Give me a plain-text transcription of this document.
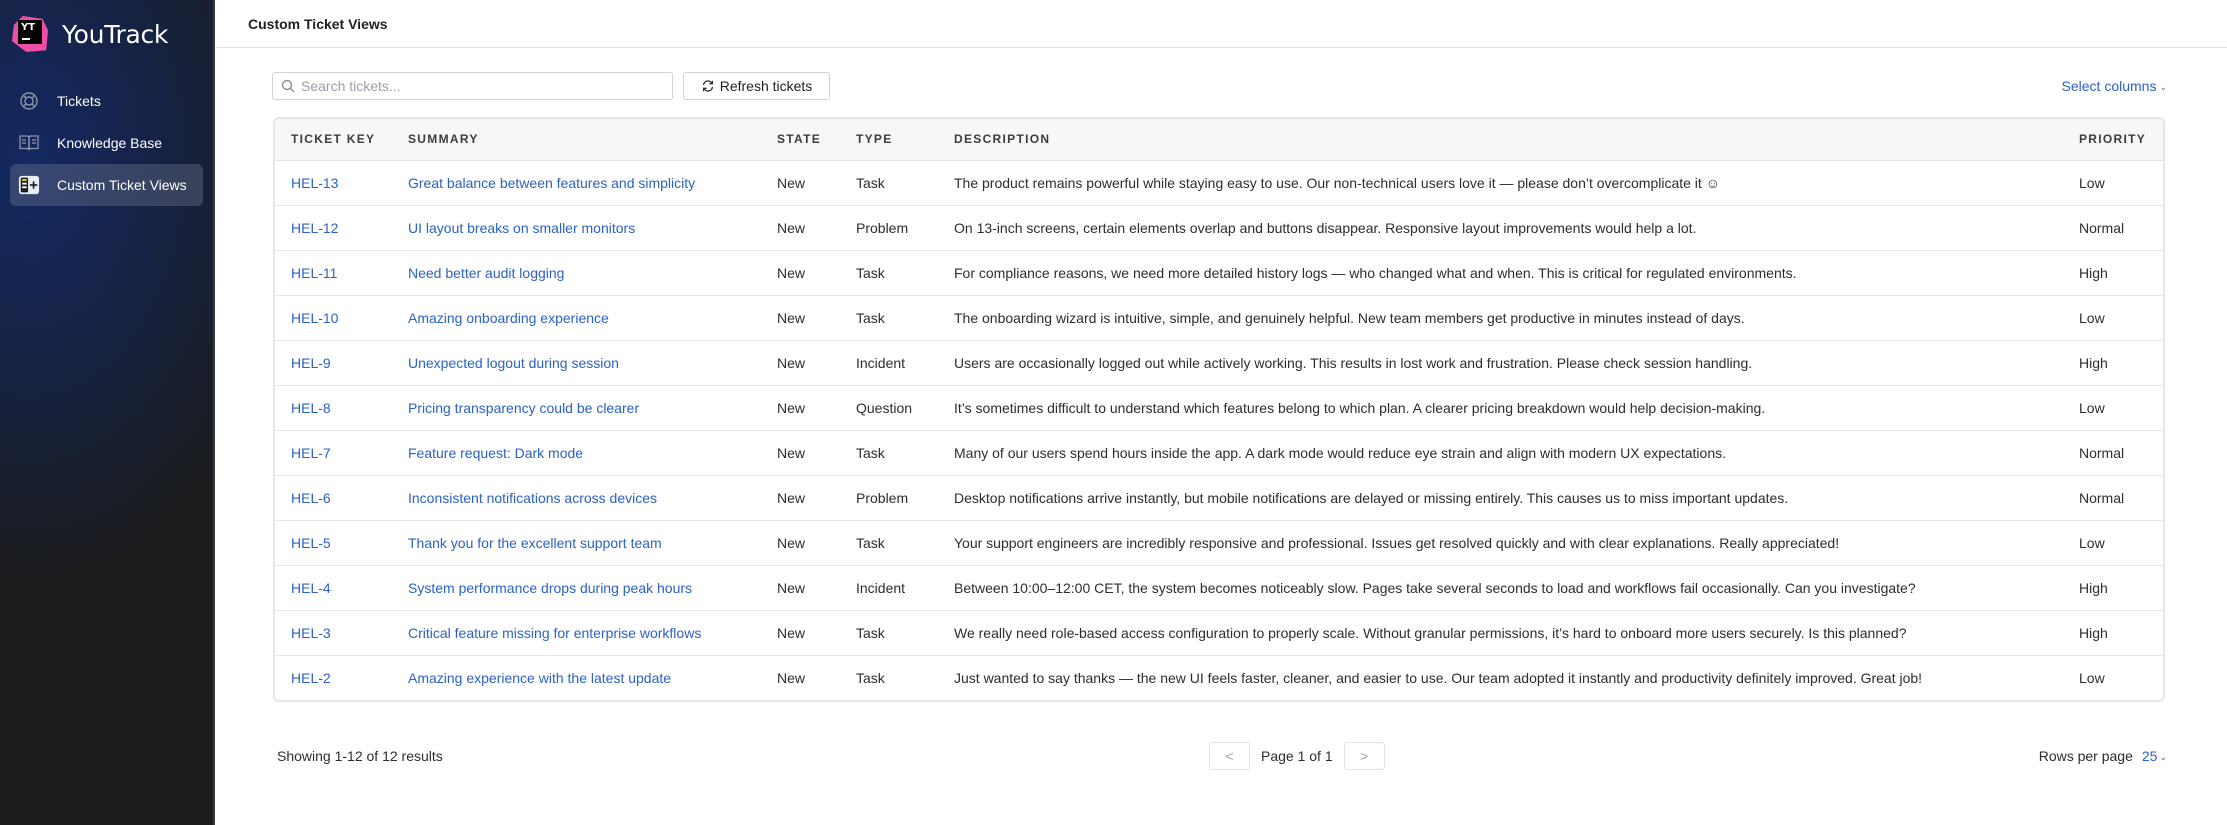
YT YouTrack
Tickets
Knowledge Base
Custom Ticket Views
Custom Ticket Views
Search tickets...
Refresh tickets	Select columns ⌄
TICKET KEY	SUMMARY	STATE	TYPE	DESCRIPTION	PRIORITY
HEL-13	Great balance between features and simplicity	New	Task	The product remains powerful while staying easy to use. Our non-technical users love it — please don’t overcomplicate it ☺	Low
HEL-12	UI layout breaks on smaller monitors	New	Problem	On 13-inch screens, certain elements overlap and buttons disappear. Responsive layout improvements would help a lot.	Normal
HEL-11	Need better audit logging	New	Task	For compliance reasons, we need more detailed history logs — who changed what and when. This is critical for regulated environments.	High
HEL-10	Amazing onboarding experience	New	Task	The onboarding wizard is intuitive, simple, and genuinely helpful. New team members get productive in minutes instead of days.	Low
HEL-9	Unexpected logout during session	New	Incident	Users are occasionally logged out while actively working. This results in lost work and frustration. Please check session handling.	High
HEL-8	Pricing transparency could be clearer	New	Question	It’s sometimes difficult to understand which features belong to which plan. A clearer pricing breakdown would help decision-making.	Low
HEL-7	Feature request: Dark mode	New	Task	Many of our users spend hours inside the app. A dark mode would reduce eye strain and align with modern UX expectations.	Normal
HEL-6	Inconsistent notifications across devices	New	Problem	Desktop notifications arrive instantly, but mobile notifications are delayed or missing entirely. This causes us to miss important updates.	Normal
HEL-5	Thank you for the excellent support team	New	Task	Your support engineers are incredibly responsive and professional. Issues get resolved quickly and with clear explanations. Really appreciated!	Low
HEL-4	System performance drops during peak hours	New	Incident	Between 10:00–12:00 CET, the system becomes noticeably slow. Pages take several seconds to load and workflows fail occasionally. Can you investigate?	High
HEL-3	Critical feature missing for enterprise workflows	New	Task	We really need role-based access configuration to properly scale. Without granular permissions, it’s hard to onboard more users securely. Is this planned?	High
HEL-2	Amazing experience with the latest update	New	Task	Just wanted to say thanks — the new UI feels faster, cleaner, and easier to use. Our team adopted it instantly and productivity definitely improved. Great job!	Low
Showing 1-12 of 12 results	<	Page 1 of 1	>	Rows per page 25 ⌄
